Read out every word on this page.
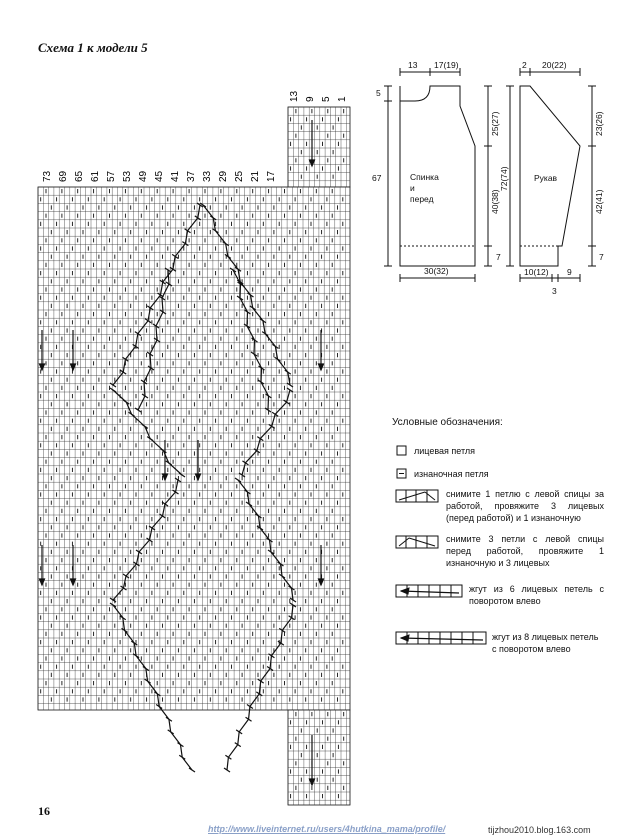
Схема 1 к модели 5
13 9 5 1
73 69 65 61 57 53 49 45 41 37 33 29 25 21 17
13 17(19)
5
67
25(27)
40(38)
7
30(32)
Спинка
и
перед
2 20(22)
72(74)
23(26)
42(41)
7
Рукав
10(12) 9
3
Условные обозначения:
лицевая петля
изнаночная петля
снимите 1 петлю с левой спицы за работой, провяжите 3 лицевых (перед работой) и 1 изнаночную
снимите 3 петли с левой спицы перед работой, провяжите 1 изнаночную и 3 лицевых
жгут из 6 лицевых петель с поворотом влево
жгут из 8 лицевых петель с поворотом влево
16
http://www.liveinternet.ru/users/4hutkina_mama/profile/	tijzhou2010.blog.163.com
